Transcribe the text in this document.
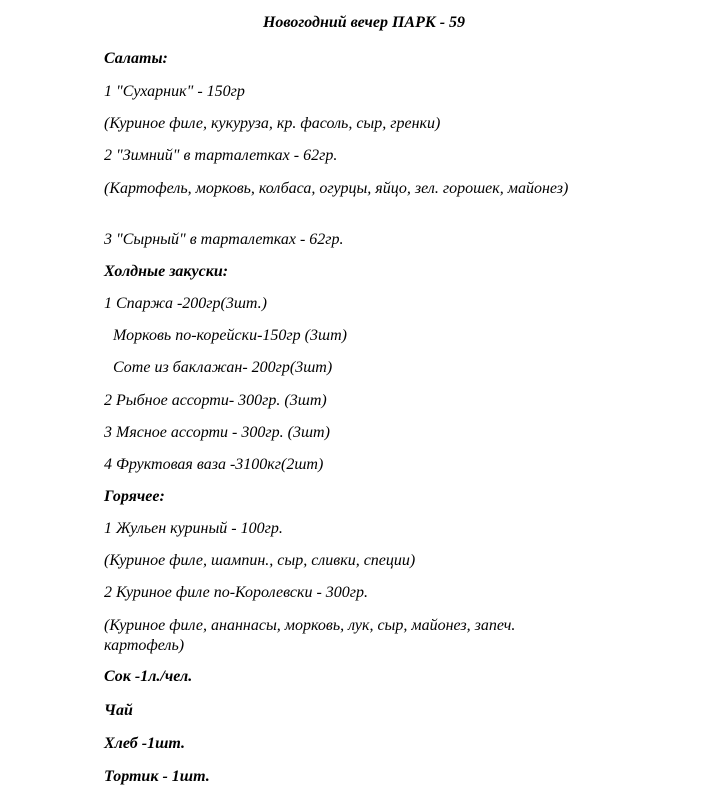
Новогодний вечер ПАРК - 59

Салаты:

1 "Сухарник" - 150гр

(Куриное филе, кукуруза, кр. фасоль, сыр, гренки)

2 "Зимний" в тарталетках - 62гр.

(Картофель, морковь, колбаса, огурцы, яйцо, зел. горошек, майонез)

3 "Сырный" в тарталетках - 62гр.

Холдные закуски:

1 Спаржа -200гр(3шт.)

Морковь по-корейски-150гр (3шт)

Соте из баклажан- 200гр(3шт)

2 Рыбное ассорти- 300гр. (3шт)

3 Мясное ассорти - 300гр. (3шт)

4 Фруктовая ваза -3100кг(2шт)

Горячее:

1 Жульен куриный - 100гр.

(Куриное филе, шампин., сыр, сливки, специи)

2 Куриное филе по-Королевски - 300гр.

(Куриное филе, ананнасы, морковь, лук, сыр, майонез, запеч. картофель)

Сок -1л./чел.

Чай

Хлеб -1шт.

Тортик - 1шт.
